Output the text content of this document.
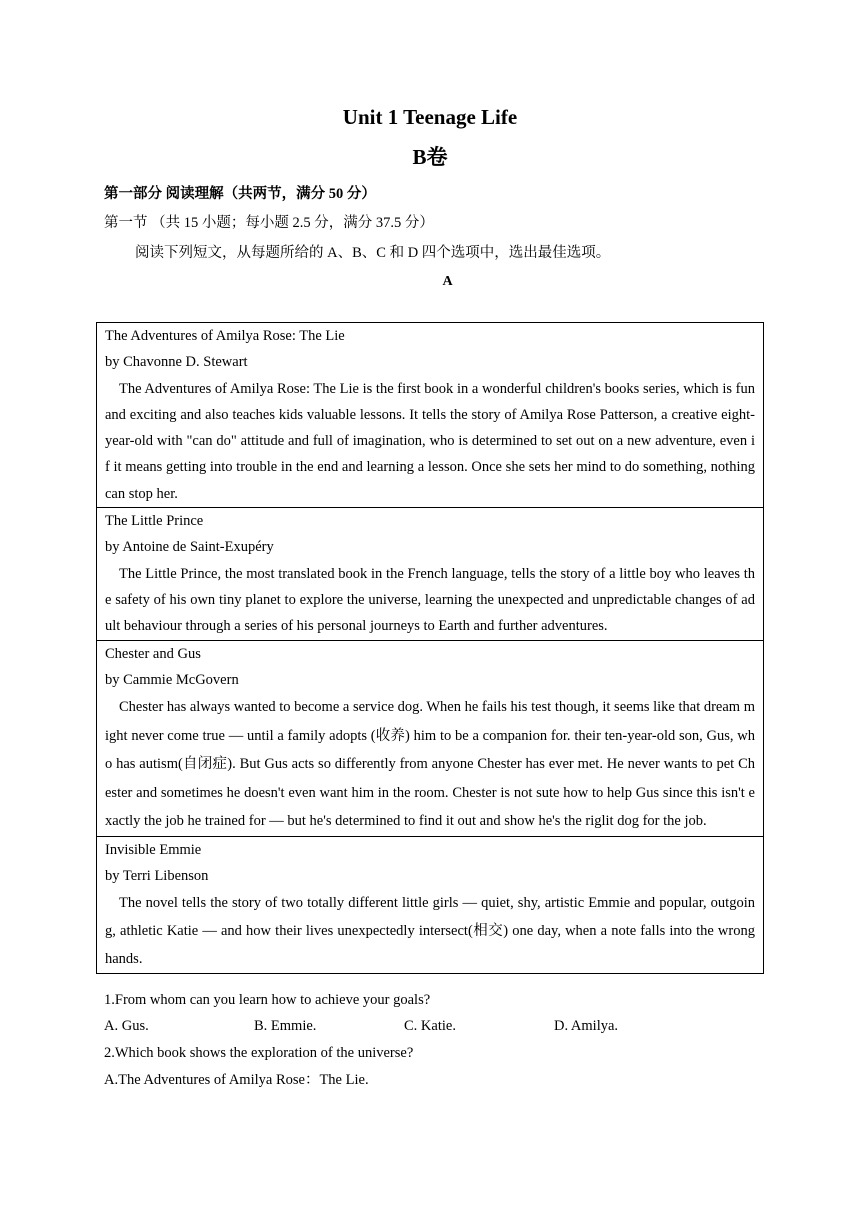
Unit 1 Teenage Life
B卷
第一部分 阅读理解（共两节，满分 50 分）
第一节 （共 15 小题；每小题 2.5 分，满分 37.5 分）
阅读下列短文，从每题所给的 A、B、C 和 D 四个选项中，选出最佳选项。
A
The Adventures of Amilya Rose: The Lie
by Chavonne D. Stewart
The Adventures of Amilya Rose: The Lie is the first book in a wonderful children's books series, which is fun and exciting and also teaches kids valuable lessons. It tells the story of Amilya Rose Patterson, a creative eight-year-old with "can do" attitude and full of imagination, who is determined to set out on a new adventure, even if it means getting into trouble in the end and learning a lesson. Once she sets her mind to do something, nothing can stop her.

The Little Prince
by Antoine de Saint-Exupéry
The Little Prince, the most translated book in the French language, tells the story of a little boy who leaves the safety of his own tiny planet to explore the universe, learning the unexpected and unpredictable changes of adult behaviour through a series of his personal journeys to Earth and further adventures.

Chester and Gus
by Cammie McGovern
Chester has always wanted to become a service dog. When he fails his test though, it seems like that dream might never come true — until a family adopts (收养) him to be a companion for. their ten-year-old son, Gus, who has autism(自闭症). But Gus acts so differently from anyone Chester has ever met. He never wants to pet Chester and sometimes he doesn't even want him in the room. Chester is not sute how to help Gus since this isn't exactly the job he trained for — but he's determined to find it out and show he's the riglit dog for the job.

Invisible Emmie
by Terri Libenson
The novel tells the story of two totally different little girls — quiet, shy, artistic Emmie and popular, outgoing, athletic Katie — and how their lives unexpectedly intersect(相交) one day, when a note falls into the wrong hands.
1.From whom can you learn how to achieve your goals?
A. Gus.	B. Emmie.	C. Katie.	D. Amilya.
2.Which book shows the exploration of the universe?
A.The Adventures of Amilya Rose：The Lie.
